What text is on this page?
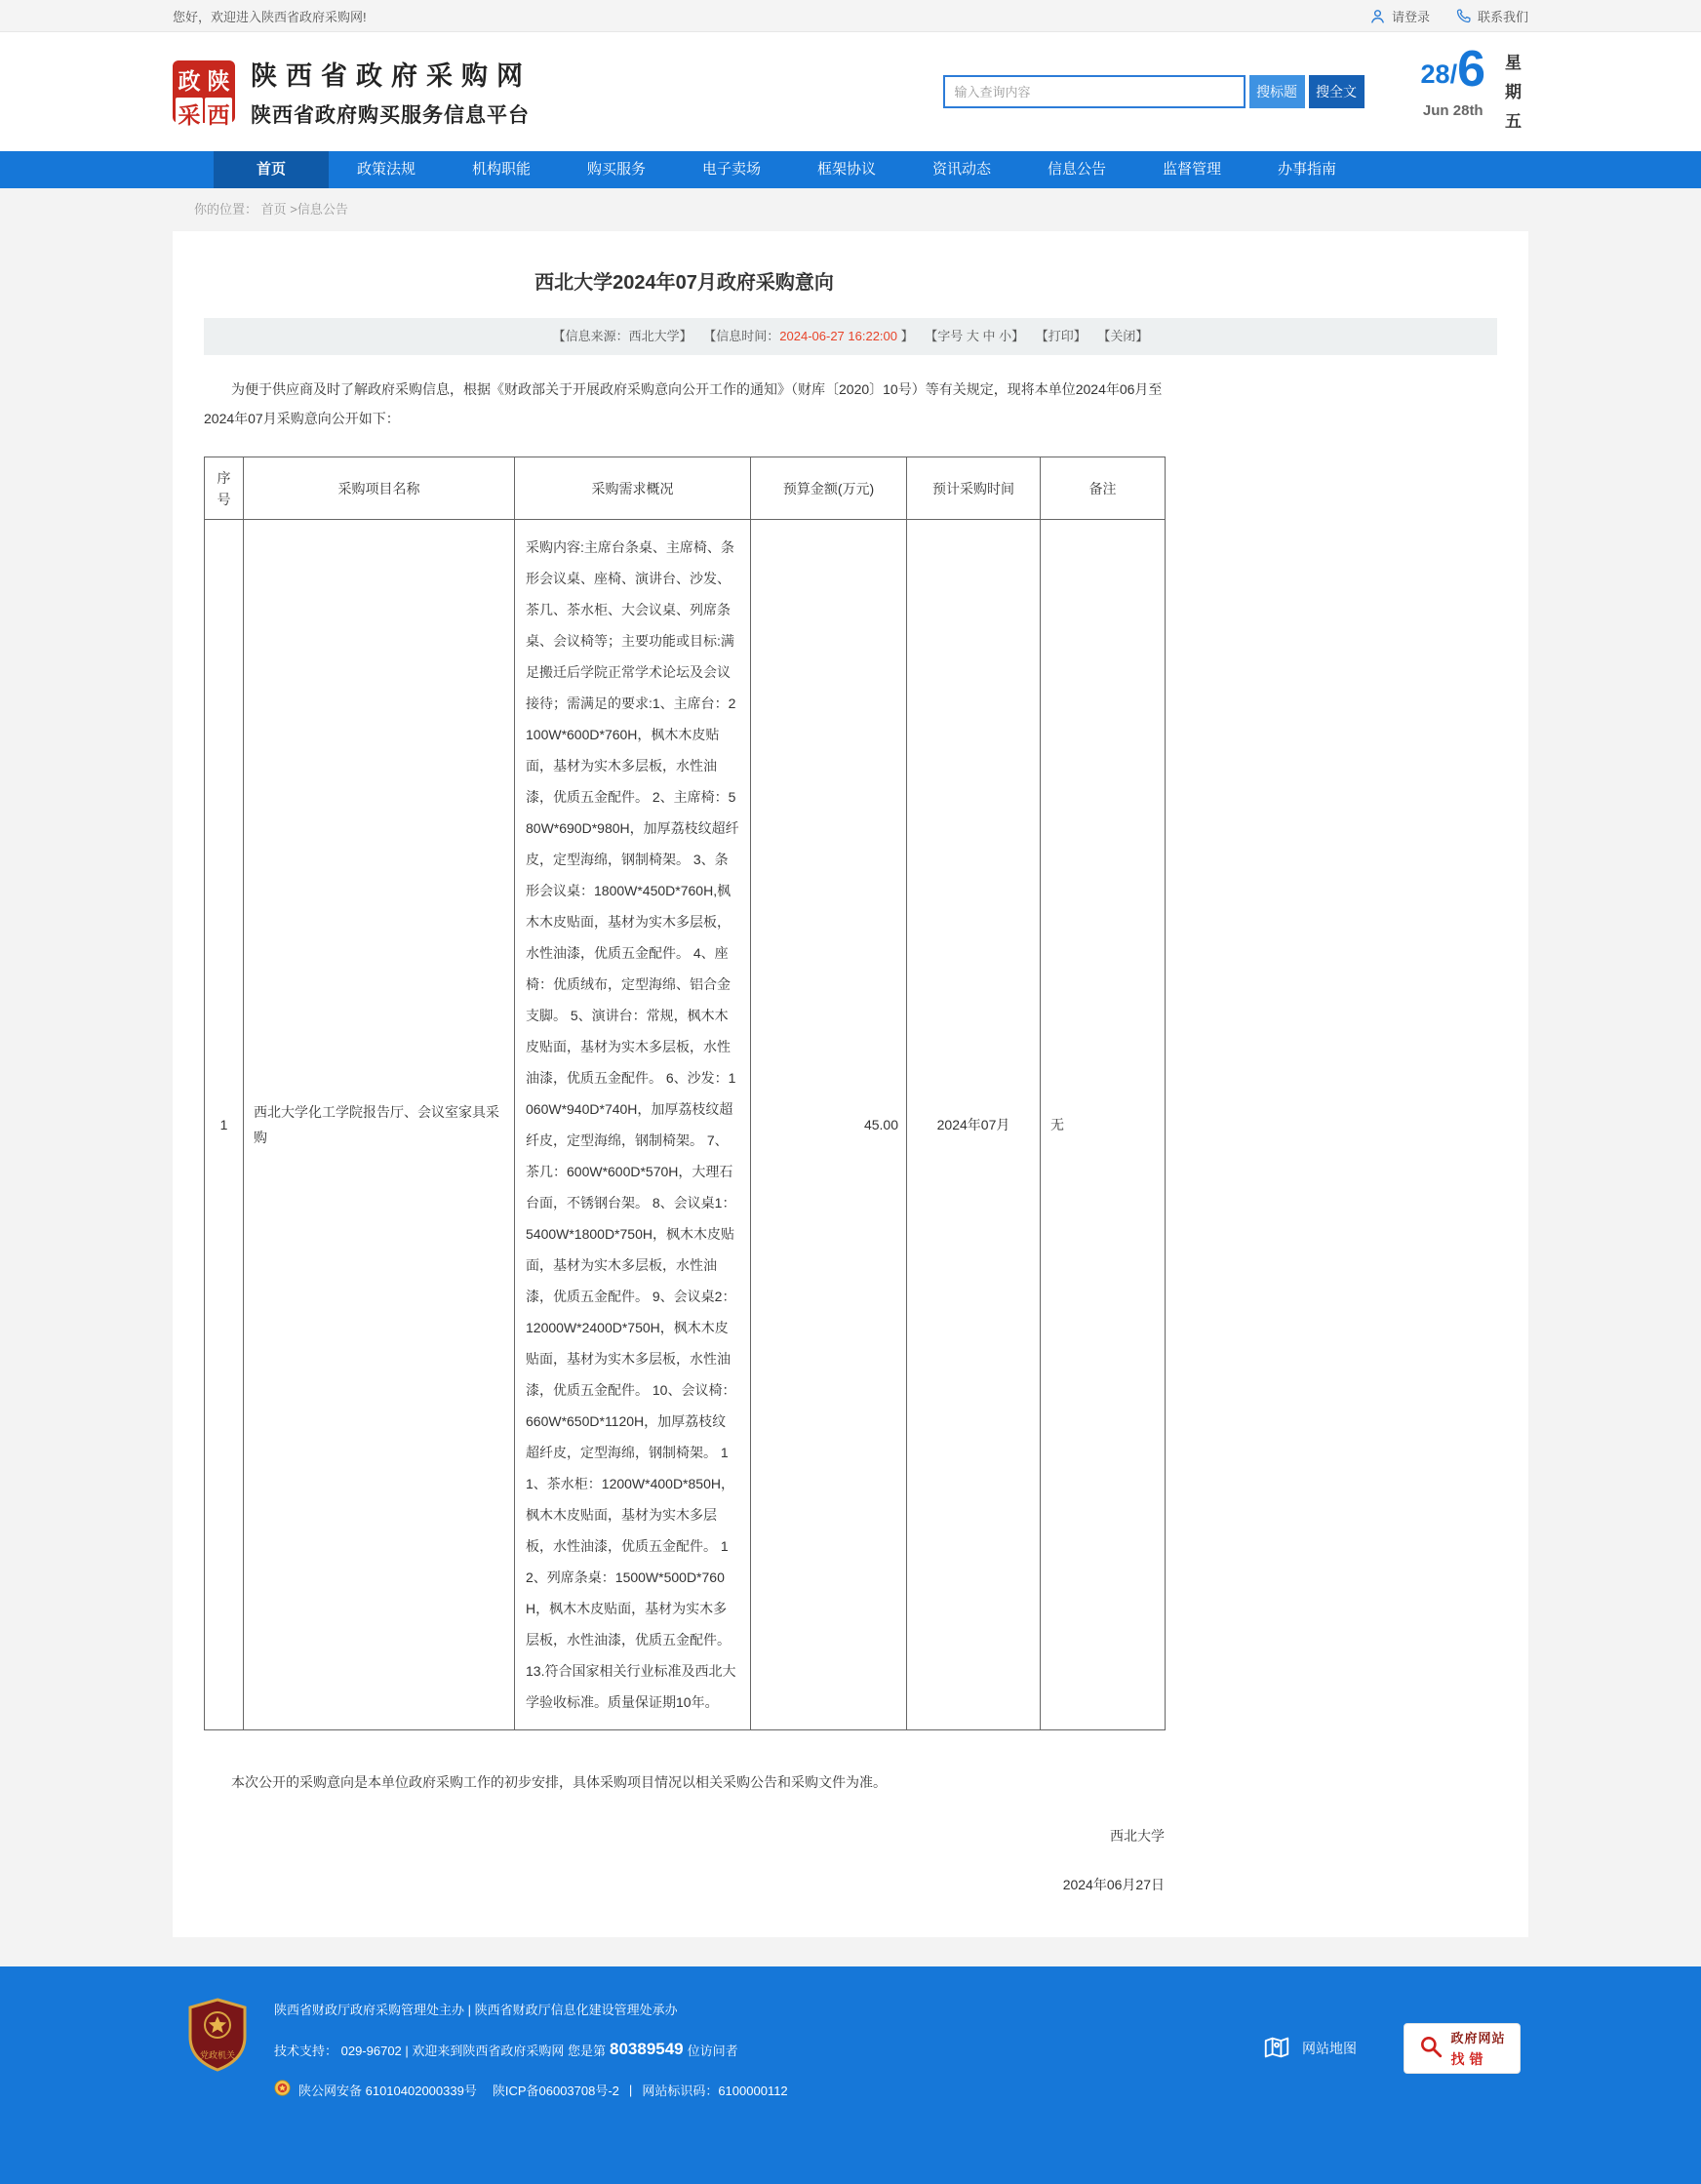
您好，欢迎进入陕西省政府采购网!	请登录	联系我们
政 陕
采 西
陕西省政府采购网
陕西省政府购买服务信息平台
输入查询内容
搜标题	搜全文
28/ 6
Jun 28th
星期五
首页	政策法规	机构职能	购买服务	电子卖场	框架协议	资讯动态	信息公告	监督管理	办事指南
你的位置： 首页 >信息公告
西北大学2024年07月政府采购意向
【信息来源：西北大学】 【信息时间：2024-06-27 16:22:00 】 【字号 大 中 小】 【打印】 【关闭】

为便于供应商及时了解政府采购信息，根据《财政部关于开展政府采购意向公开工作的通知》（财库〔2020〕10号）等有关规定，现将本单位2024年06月至2024年07月采购意向公开如下：

序号	采购项目名称	采购需求概况	预算金额(万元)	预计采购时间	备注
1	西北大学化工学院报告厅、会议室家具采购	采购内容:主席台条桌、主席椅、条形会议桌、座椅、演讲台、沙发、茶几、茶水柜、大会议桌、列席条桌、会议椅等；主要功能或目标:满足搬迁后学院正常学术论坛及会议接待；需满足的要求:1、主席台：2100W*600D*760H，枫木木皮贴面，基材为实木多层板，水性油漆，优质五金配件。 2、主席椅：580W*690D*980H，加厚荔枝纹超纤皮，定型海绵，钢制椅架。 3、条形会议桌：1800W*450D*760H,枫木木皮贴面，基材为实木多层板，水性油漆，优质五金配件。 4、座椅：优质绒布，定型海绵、铝合金支脚。 5、演讲台：常规，枫木木皮贴面，基材为实木多层板，水性油漆，优质五金配件。 6、沙发：1060W*940D*740H，加厚荔枝纹超纤皮，定型海绵，钢制椅架。 7、茶几：600W*600D*570H，大理石台面，不锈钢台架。 8、会议桌1：5400W*1800D*750H，枫木木皮贴面，基材为实木多层板，水性油漆，优质五金配件。 9、会议桌2：12000W*2400D*750H，枫木木皮贴面，基材为实木多层板，水性油漆，优质五金配件。 10、会议椅：660W*650D*1120H，加厚荔枝纹超纤皮，定型海绵，钢制椅架。 11、茶水柜：1200W*400D*850H，枫木木皮贴面，基材为实木多层板，水性油漆，优质五金配件。 12、列席条桌：1500W*500D*760H，枫木木皮贴面，基材为实木多层板，水性油漆，优质五金配件。 13.符合国家相关行业标准及西北大学验收标准。质量保证期10年。	45.00	2024年07月	无

本次公开的采购意向是本单位政府采购工作的初步安排，具体采购项目情况以相关采购公告和采购文件为准。

西北大学

2024年06月27日

党政机关
陕西省财政厅政府采购管理处主办 | 陕西省财政厅信息化建设管理处承办
技术支持： 029-96702 | 欢迎来到陕西省政府采购网 您是第 80389549 位访问者
陕公网安备 61010402000339号 陕ICP备06003708号-2 | 网站标识码：6100000112
网站地图
政府网站
找错
